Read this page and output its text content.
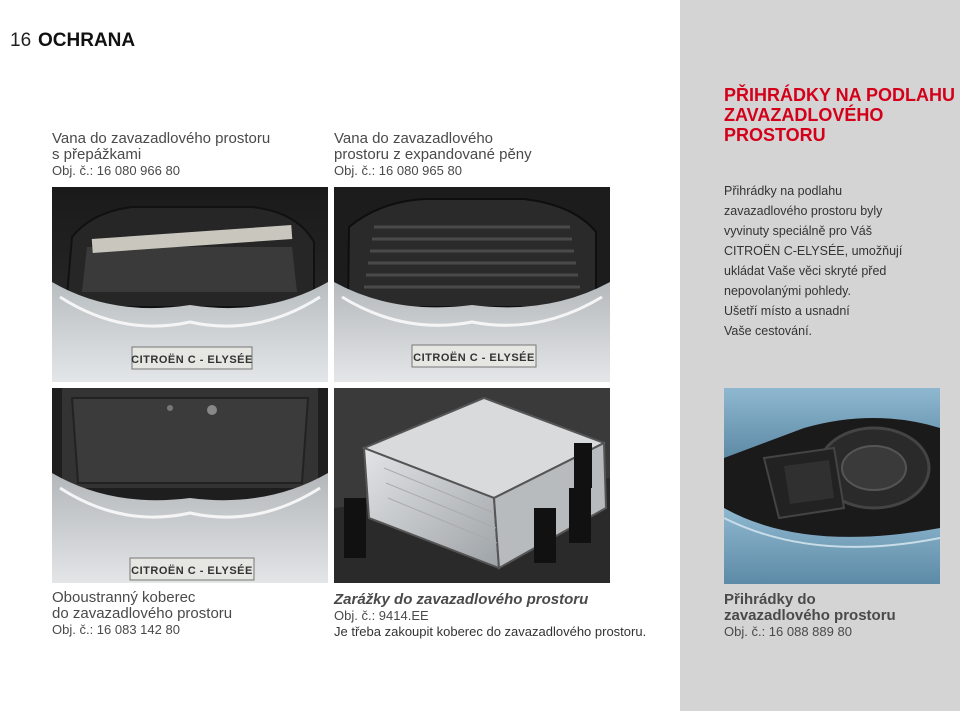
16 OCHRANA
Vana do zavazadlového prostoru
s přepážkami
Obj. č.: 16 080 966 80
Vana do zavazadlového
prostoru z expandované pěny
Obj. č.: 16 080 965 80
CITROËN C - ELYSÉE	CITROËN C - ELYSÉE
PŘIHRÁDKY NA PODLAHU
ZAVAZADLOVÉHO
PROSTORU

Přihrádky na podlahu

zavazadlového prostoru byly

vyvinuty speciálně pro Váš

CITROËN C-ELYSÉE, umožňují

ukládat Vaše věci skryté před

nepovolanými pohledy.

Ušetří místo a usnadní

Vaše cestování.

CITROËN C - ELYSÉE
Oboustranný koberec
do zavazadlového prostoru
Obj. č.: 16 083 142 80
Zarážky do zavazadlového prostoru
Obj. č.: 9414.EE
Je třeba zakoupit koberec do zavazadlového prostoru.
Přihrádky do
zavazadlového prostoru
Obj. č.: 16 088 889 80
